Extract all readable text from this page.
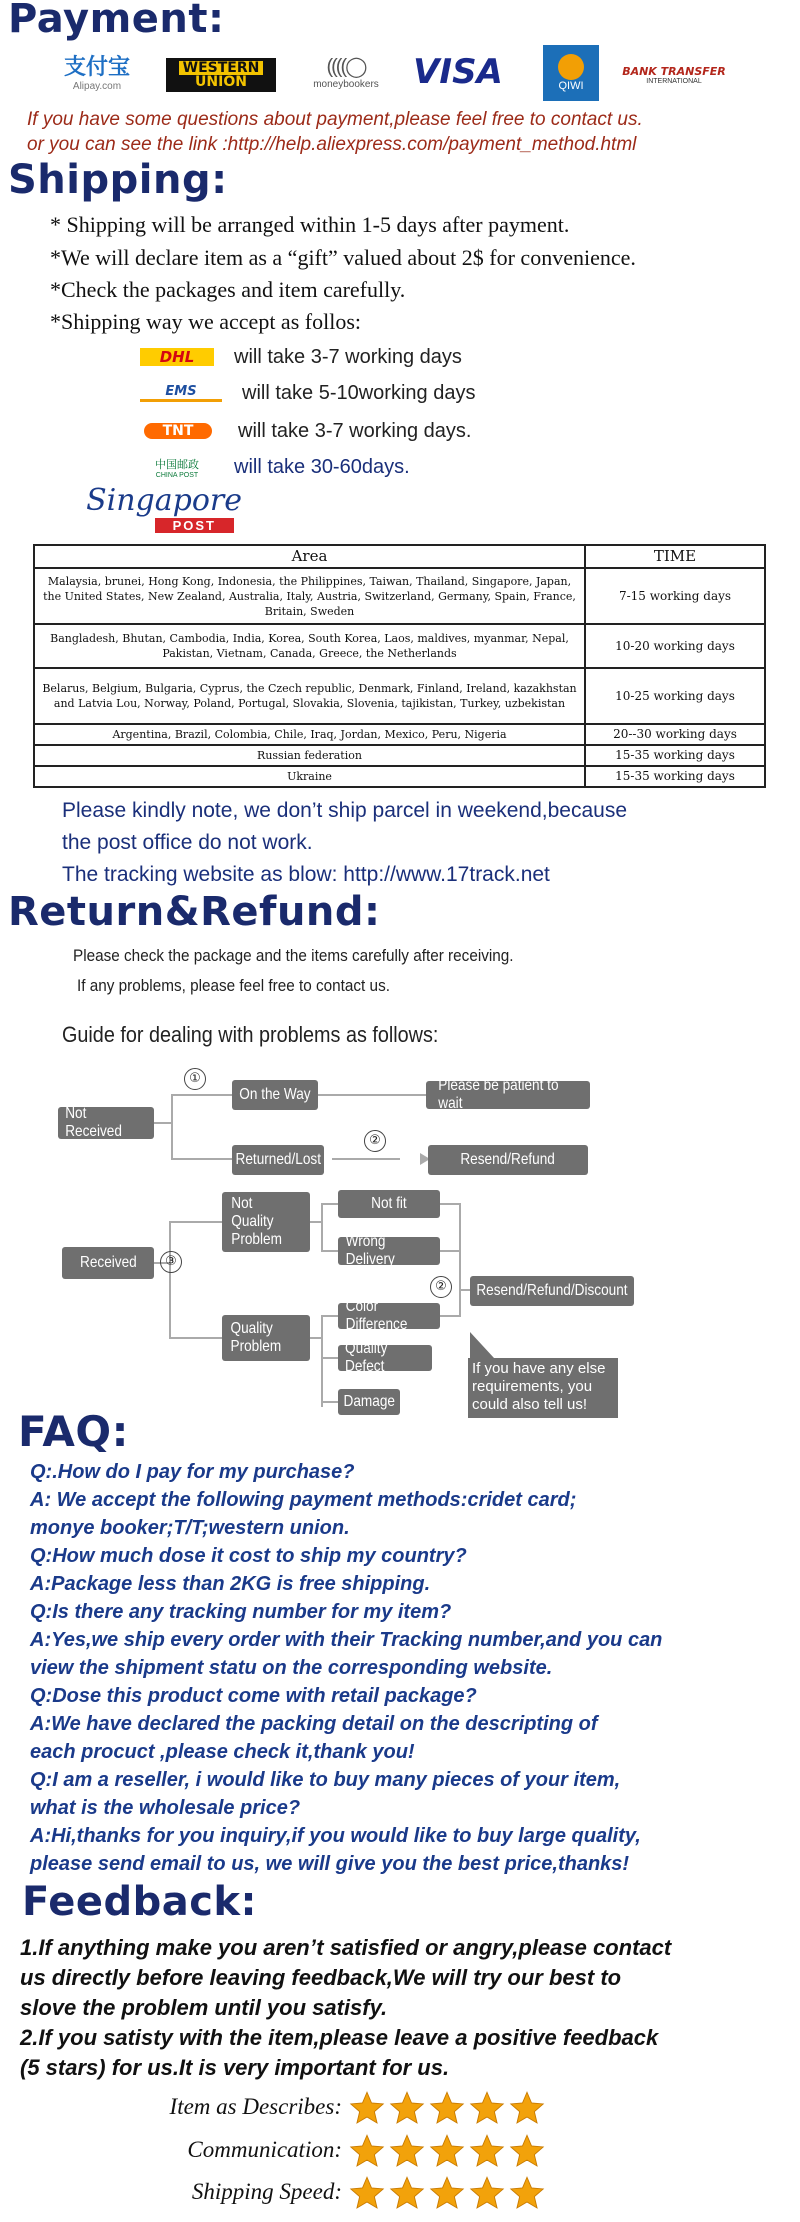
Payment:
支付宝
Alipay.com
WESTERN
UNION
((((◯
moneybookers VISA	QIWI
BANK TRANSFER
INTERNATIONAL
If you have some questions about payment,please feel free to contact us.
or you can see the link :http://help.aliexpress.com/payment_method.html
Shipping:
* Shipping will be arranged within 1-5 days after payment.
*We will declare item as a “gift” valued about 2$ for convenience.
*Check the packages and item carefully.
*Shipping way we accept as follos:
DHL	will take 3-7 working days
EMS	will take 5-10working days
TNT	will take 3-7 working days.
中国邮政
CHINA POST will take 30-60days.
Singapore
POST
Area	TIME
Malaysia, brunei, Hong Kong, Indonesia, the Philippines, Taiwan, Thailand, Singapore, Japan, the United States, New Zealand, Australia, Italy, Austria, Switzerland, Germany, Spain, France, Britain, Sweden	7-15 working days
Bangladesh, Bhutan, Cambodia, India, Korea, South Korea, Laos, maldives, myanmar, Nepal, Pakistan, Vietnam, Canada, Greece, the Netherlands	10-20 working days
Belarus, Belgium, Bulgaria, Cyprus, the Czech republic, Denmark, Finland, Ireland, kazakhstan and Latvia Lou, Norway, Poland, Portugal, Slovakia, Slovenia, tajikistan, Turkey, uzbekistan	10-25 working days
Argentina, Brazil, Colombia, Chile, Iraq, Jordan, Mexico, Peru, Nigeria	20--30 working days
Russian federation	15-35 working days
Ukraine	15-35 working days
Please kindly note, we don’t ship parcel in weekend,because
the post office do not work.
The tracking website as blow: http://www.17track.net
Return&Refund:
Please check the package and the items carefully after receiving.
If any problems, please feel free to contact us.
Guide for dealing with problems as follows:
①
②
③
②
Not Received
On the Way
Please be patient to wait
Returned/Lost	Resend/Refund
Received
Not Quality Problem
Not fit
Wrong Delivery
Quality Problem
Color Difference
Quality Defect
Damage
Resend/Refund/Discount
If you have any else requirements, you could also tell us!
FAQ:
Q:.How do I pay for my purchase?
A: We accept the following payment methods:cridet card;
monye booker;T/T;western union.
Q:How much dose it cost to ship my country?
A:Package less than 2KG is free shipping.
Q:Is there any tracking number for my item?
A:Yes,we ship every order with their Tracking number,and you can
view the shipment statu on the corresponding website.
Q:Dose this product come with retail package?
A:We have declared the packing detail on the descripting of
each procuct ,please check it,thank you!
Q:I am a reseller, i would like to buy many pieces of your item,
what is the wholesale price?
A:Hi,thanks for you inquiry,if you would like to buy large quality,
please send email to us, we will give you the best price,thanks!
Feedback:
1.If anything make you aren’t satisfied or angry,please contact
us directly before leaving feedback,We will try our best to
slove the problem until you satisfy.
2.If you satisty with the item,please leave a positive feedback
(5 stars) for us.It is very important for us.
Item as Describes:
Communication:
Shipping Speed:
